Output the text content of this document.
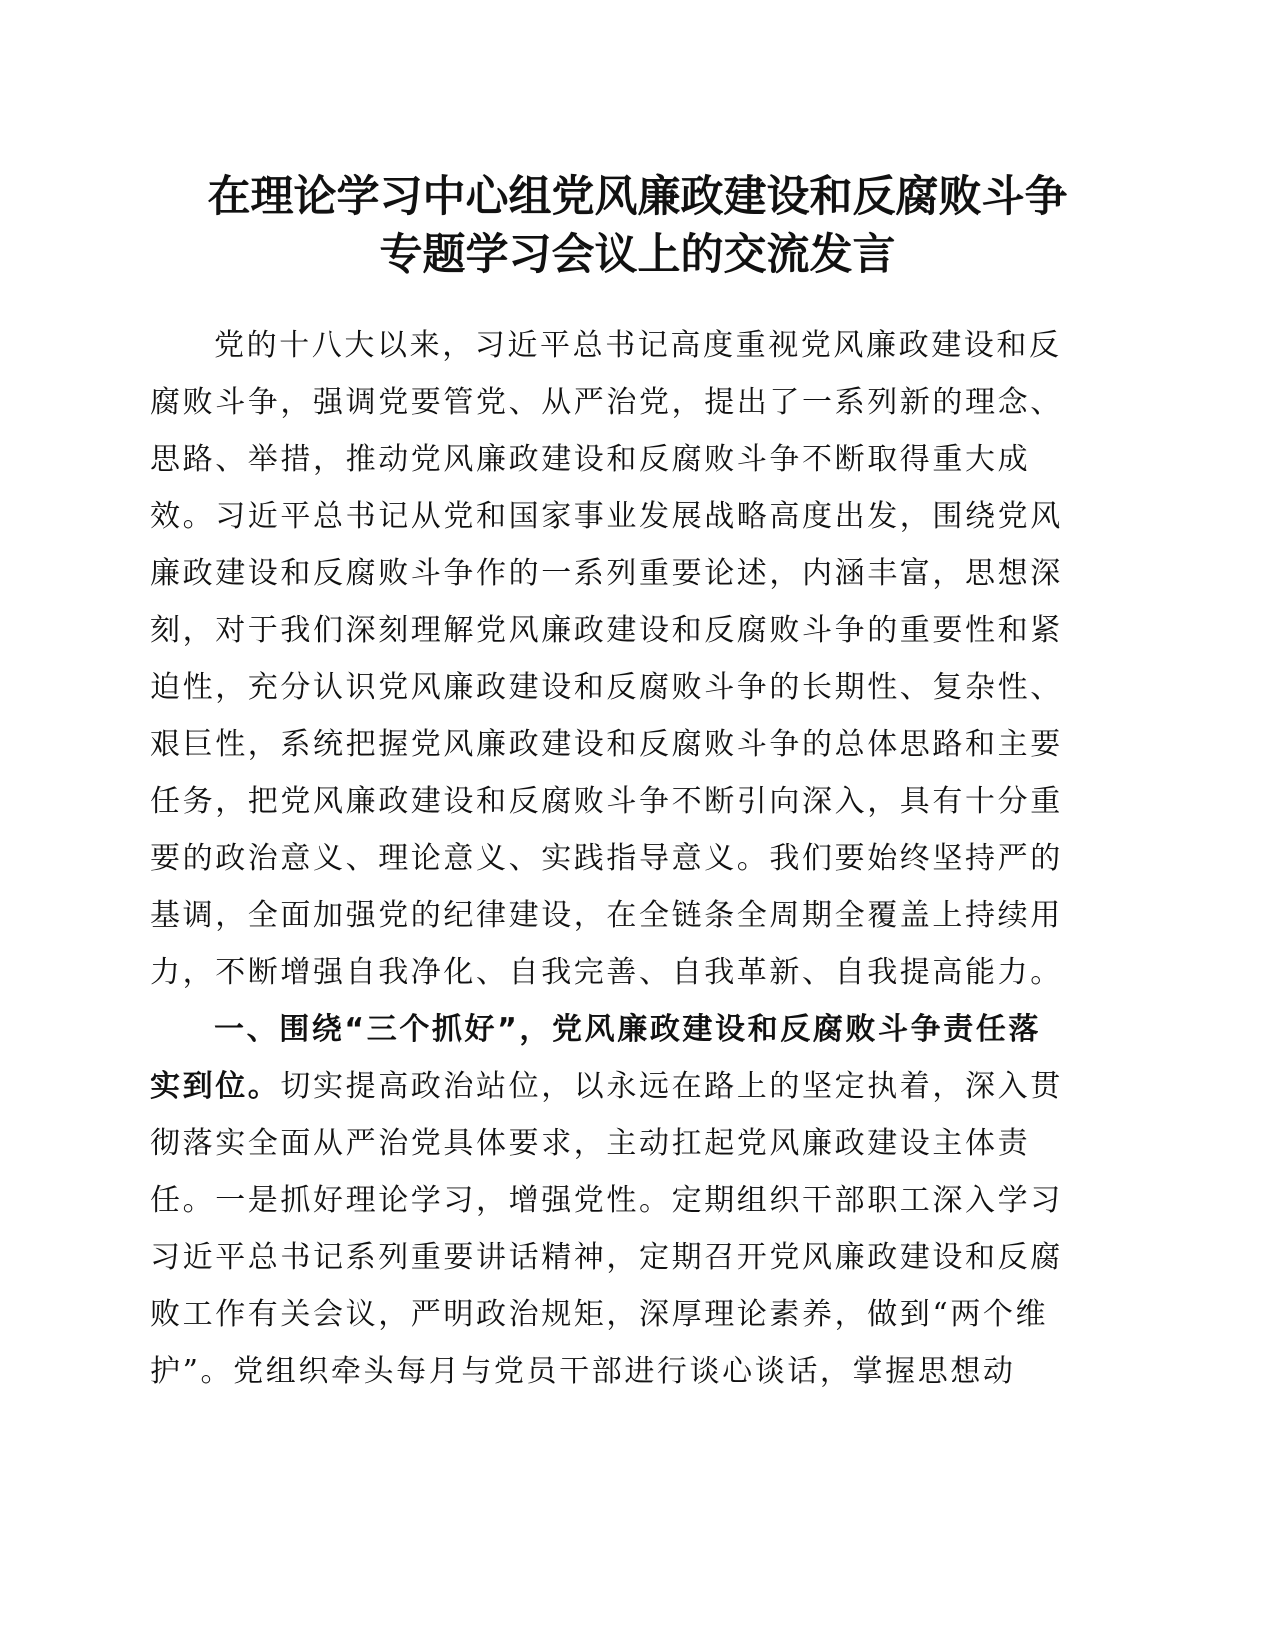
在理论学习中心组党风廉政建设和反腐败斗争
专题学习会议上的交流发言
党的十八大以来，习近平总书记高度重视党风廉政建设和反
腐败斗争，强调党要管党、从严治党，提出了一系列新的理念、
思路、举措，推动党风廉政建设和反腐败斗争不断取得重大成
效。习近平总书记从党和国家事业发展战略高度出发，围绕党风
廉政建设和反腐败斗争作的一系列重要论述，内涵丰富，思想深
刻，对于我们深刻理解党风廉政建设和反腐败斗争的重要性和紧
迫性，充分认识党风廉政建设和反腐败斗争的长期性、复杂性、
艰巨性，系统把握党风廉政建设和反腐败斗争的总体思路和主要
任务，把党风廉政建设和反腐败斗争不断引向深入，具有十分重
要的政治意义、理论意义、实践指导意义。我们要始终坚持严的
基调，全面加强党的纪律建设，在全链条全周期全覆盖上持续用
力，不断增强自我净化、自我完善、自我革新、自我提高能力。
一、围绕“三个抓好”，党风廉政建设和反腐败斗争责任落
实到位。切实提高政治站位，以永远在路上的坚定执着，深入贯
彻落实全面从严治党具体要求，主动扛起党风廉政建设主体责
任。一是抓好理论学习，增强党性。定期组织干部职工深入学习
习近平总书记系列重要讲话精神，定期召开党风廉政建设和反腐
败工作有关会议，严明政治规矩，深厚理论素养，做到“两个维
护”。党组织牵头每月与党员干部进行谈心谈话，掌握思想动
